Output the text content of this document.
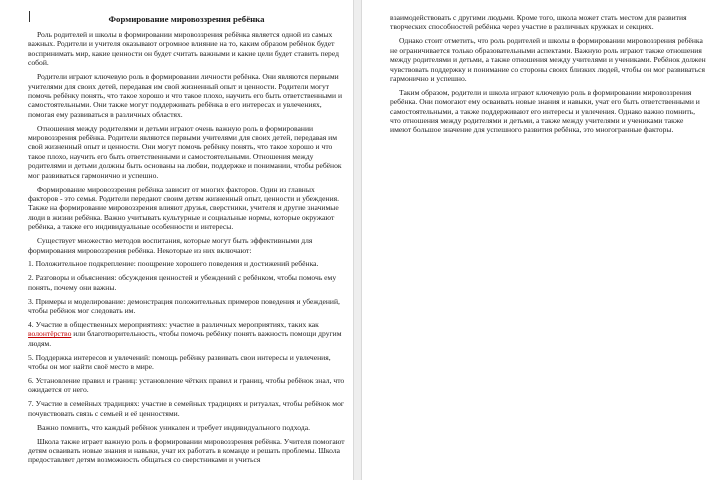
Формирование мировоззрения ребёнка

Роль родителей и школы в формировании мировоззрения ребёнка является одной из самых важных. Родители и учителя оказывают огромное влияние на то, каким образом ребёнок будет воспринимать мир, какие ценности он будет считать важными и какие цели будет ставить перед собой.

Родители играют ключевую роль в формировании личности ребёнка. Они являются первыми учителями для своих детей, передавая им свой жизненный опыт и ценности. Родители могут помочь ребёнку понять, что такое хорошо и что такое плохо, научить его быть ответственными и самостоятельными. Они также могут поддерживать ребёнка в его интересах и увлечениях, помогая ему развиваться в различных областях.

Отношения между родителями и детьми играют очень важную роль в формировании мировоззрения ребёнка. Родители являются первыми учителями для своих детей, передавая им свой жизненный опыт и ценности. Они могут помочь ребёнку понять, что такое хорошо и что такое плохо, научить его быть ответственными и самостоятельными. Отношения между родителями и детьми должны быть основаны на любви, поддержке и понимании, чтобы ребёнок мог развиваться гармонично и успешно.

Формирование мировоззрения ребёнка зависит от многих факторов. Один из главных факторов - это семья. Родители передают своим детям жизненный опыт, ценности и убеждения. Также на формирование мировоззрения влияют друзья, сверстники, учителя и другие значимые люди в жизни ребёнка. Важно учитывать культурные и социальные нормы, которые окружают ребёнка, а также его индивидуальные особенности и интересы.

Существует множество методов воспитания, которые могут быть эффективными для формирования мировоззрения ребёнка. Некоторые из них включают:

1. Положительное подкрепление: поощрение хорошего поведения и достижений ребёнка.

2. Разговоры и объяснения: обсуждения ценностей и убеждений с ребёнком, чтобы помочь ему понять, почему они важны.

3. Примеры и моделирование: демонстрация положительных примеров поведения и убеждений, чтобы ребёнок мог следовать им.

4. Участие в общественных мероприятиях: участие в различных мероприятиях, таких как волонтёрство или благотворительность, чтобы помочь ребёнку понять важность помощи другим людям.

5. Поддержка интересов и увлечений: помощь ребёнку развивать свои интересы и увлечения, чтобы он мог найти своё место в мире.

6. Установление правил и границ: установление чётких правил и границ, чтобы ребёнок знал, что ожидается от него.

7. Участие в семейных традициях: участие в семейных традициях и ритуалах, чтобы ребёнок мог почувствовать связь с семьей и её ценностями.

Важно помнить, что каждый ребёнок уникален и требует индивидуального подхода.

Школа также играет важную роль в формировании мировоззрения ребёнка. Учителя помогают детям осваивать новые знания и навыки, учат их работать в команде и решать проблемы. Школа предоставляет детям возможность общаться со сверстниками и учиться

взаимодействовать с другими людьми. Кроме того, школа может стать местом для развития творческих способностей ребёнка через участие в различных кружках и секциях.

Однако стоит отметить, что роль родителей и школы в формировании мировоззрения ребёнка не ограничивается только образовательными аспектами. Важную роль играют также отношения между родителями и детьми, а также отношения между учителями и учениками. Ребёнок должен чувствовать поддержку и понимание со стороны своих близких людей, чтобы он мог развиваться гармонично и успешно.

Таким образом, родители и школа играют ключевую роль в формировании мировоззрения ребёнка. Они помогают ему осваивать новые знания и навыки, учат его быть ответственными и самостоятельными, а также поддерживают его интересы и увлечения. Однако важно помнить, что отношения между родителями и детьми, а также между учителями и учениками также имеют большое значение для успешного развития ребёнка, это многогранные факторы.
